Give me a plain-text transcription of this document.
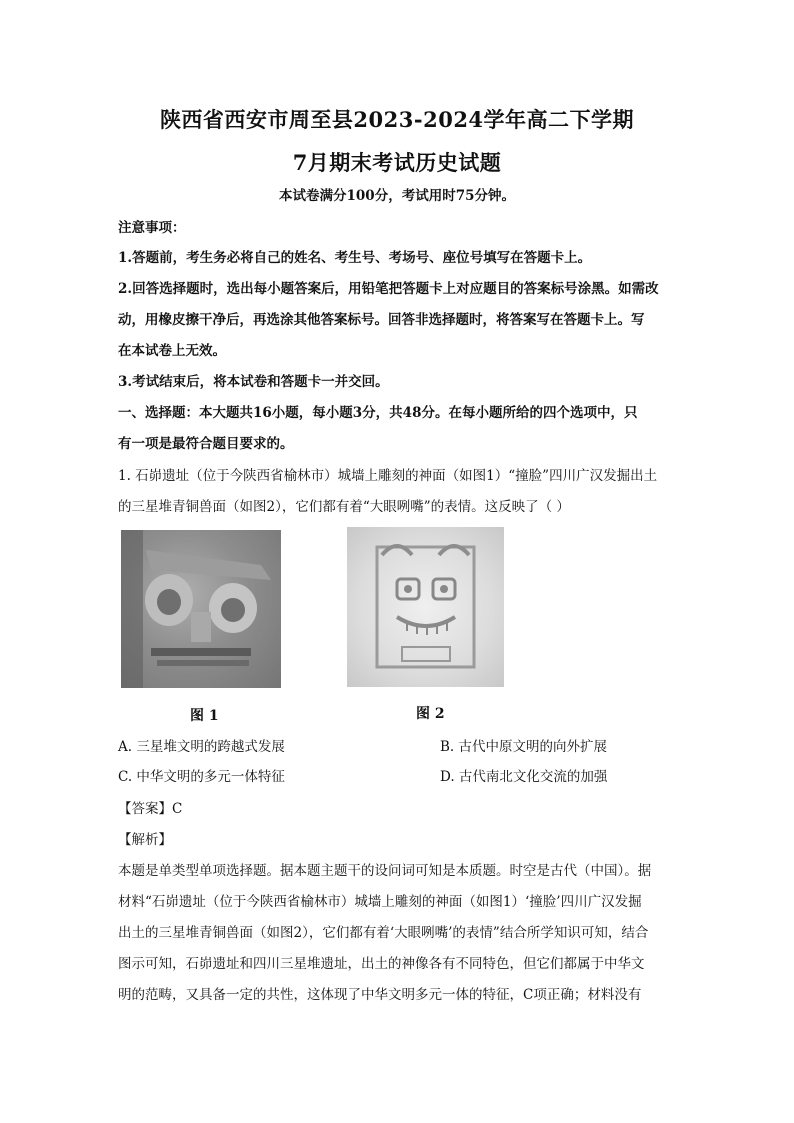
陕西省西安市周至县2023-2024学年高二下学期
7月期末考试历史试题
本试卷满分100分，考试用时75分钟。
注意事项：
1.答题前，考生务必将自己的姓名、考生号、考场号、座位号填写在答题卡上。
2.回答选择题时，选出每小题答案后，用铅笔把答题卡上对应题目的答案标号涂黑。如需改
动，用橡皮擦干净后，再选涂其他答案标号。回答非选择题时，将答案写在答题卡上。写
在本试卷上无效。
3.考试结束后，将本试卷和答题卡一并交回。
一、选择题：本大题共16小题，每小题3分，共48分。在每小题所给的四个选项中，只
有一项是最符合题目要求的。
1. 石峁遗址（位于今陕西省榆林市）城墙上雕刻的神面（如图1）“撞脸”四川广汉发掘出土
的三星堆青铜兽面（如图2），它们都有着“大眼咧嘴”的表情。这反映了（ ）
图 1	图 2
A. 三星堆文明的跨越式发展	B. 古代中原文明的向外扩展
C. 中华文明的多元一体特征	D. 古代南北文化交流的加强
【答案】C
【解析】
本题是单类型单项选择题。据本题主题干的设问词可知是本质题。时空是古代（中国）。据
材料“石峁遗址（位于今陕西省榆林市）城墙上雕刻的神面（如图1）‘撞脸’四川广汉发掘
出土的三星堆青铜兽面（如图2），它们都有着‘大眼咧嘴’的表情”结合所学知识可知，结合
图示可知，石峁遗址和四川三星堆遗址，出土的神像各有不同特色，但它们都属于中华文
明的范畴，又具备一定的共性，这体现了中华文明多元一体的特征，C项正确；材料没有
